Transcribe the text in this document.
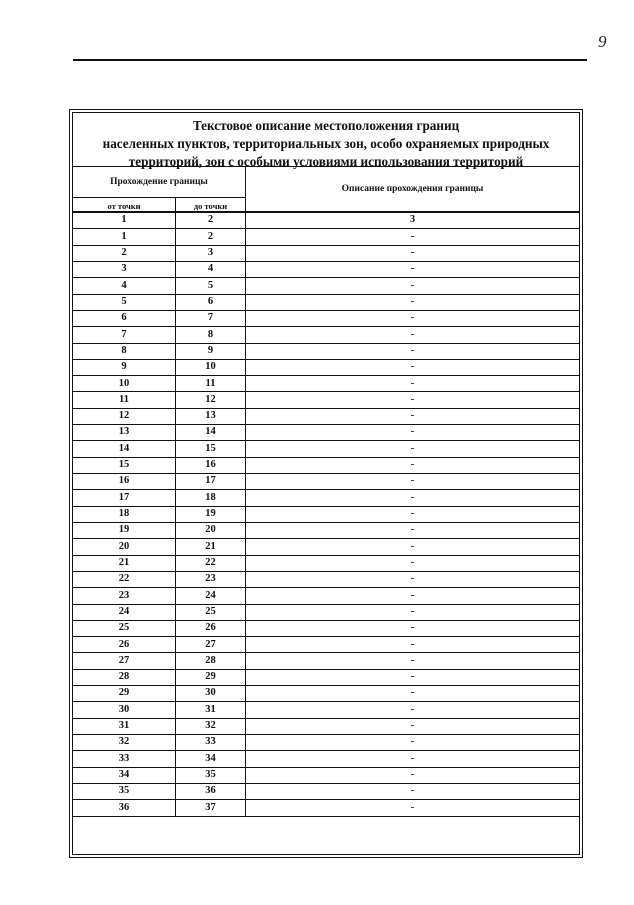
9
Текстовое описание местоположения границ
населенных пунктов, территориальных зон, особо охраняемых природных
территорий, зон с особыми условиями использования территорий
Прохождение границы
от точки	до точки
Описание прохождения границы
1	2	3
1	2	-
2	3	-
3	4	-
4	5	-
5	6	-
6	7	-
7	8	-
8	9	-
9	10	-
10	11	-
11	12	-
12	13	-
13	14	-
14	15	-
15	16	-
16	17	-
17	18	-
18	19	-
19	20	-
20	21	-
21	22	-
22	23	-
23	24	-
24	25	-
25	26	-
26	27	-
27	28	-
28	29	-
29	30	-
30	31	-
31	32	-
32	33	-
33	34	-
34	35	-
35	36	-
36	37	-
